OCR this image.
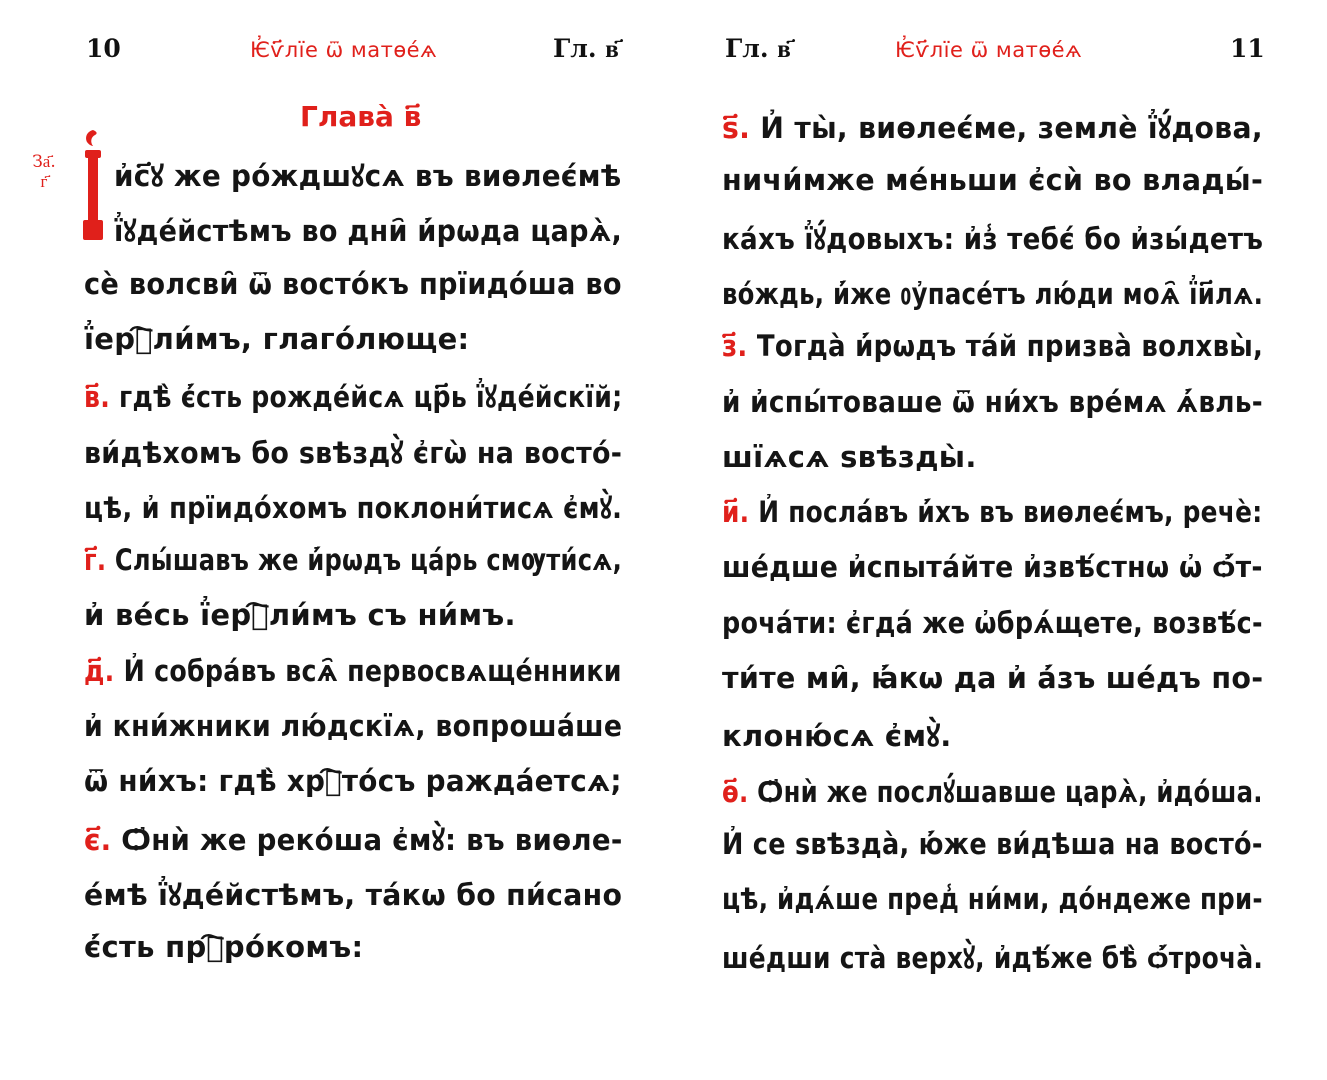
10	Ѥ҆ѵ҃лїе ѿ матөе́ѧ	Гл. в҃
Глава̀ в҃
За҃.
г҃	и҆с҃ꙋ же ро́ждшꙋсѧ въ виөлеє́мѣ
ї҆ꙋде́йстѣмъ во дни҄ и҆́рѡда царѧ̀,
сѐ волсви̑ ѿ восто́къ прїидо́ша во
ї҆ерⷭ҇ли́мъ, глаго́люще:
в҃. гдѣ̀ є҆́сть рожде́йсѧ цр҃ь ї҆ꙋде́йскїй;
ви́дѣхомъ бо ѕвѣздꙋ̀ є҆гѡ̀ на восто́-
цѣ, и҆ прїидо́хомъ поклони́тисѧ є҆мꙋ̀.
г҃. Слы́шавъ же и҆́рѡдъ ца́рь смѹти́сѧ,
и҆ ве́сь ї҆ерⷭ҇ли́мъ съ ни́мъ.
д҃. И҆ собра́въ всѧ҄ первосвѧще́нники
и҆ кни́жники лю́дскїѧ, вопроша́ше
ѿ ни́хъ: гдѣ̀ хрⷭ҇то́съ ражда́етсѧ;
є҃. Ѻ҆нѝ же реко́ша є҆мꙋ̀: въ виөле-
е́мѣ ї҆ꙋде́йстѣмъ, та́кѡ бо пи́сано
є҆́сть прⷪ҇ро́комъ:
Гл. в҃	Ѥ҆ѵ҃лїе ѿ матөе́ѧ	11
ѕ҃. И҆ ты̀, виөлеє́ме, землѐ ї҆ꙋ́дова,
ничи́мже ме́ньши є҆сѝ во влады́-
ка́хъ ї҆ꙋ́довыхъ: и҆з̾ тебє́ бо и҆зы́детъ
во́ждь, и҆́же ᲂу҆пасе́тъ лю́ди моѧ҄ ї҆и҃лѧ.
з҃. Тогда̀ и҆́рѡдъ та́й призва̀ волхвы̀,
и҆ и҆спы́товаше ѿ ни́хъ вре́мѧ ѧ҆́вль-
шїѧсѧ ѕвѣзды̀.
и҃. И҆ посла́въ и҆́хъ въ виөлеє́мъ, речѐ:
ше́дше и҆спыта́йте и҆звѣ́стнѡ ѡ҆ ѻ҆́т-
роча́ти: є҆гда́ же ѡ҆брѧ́щете, возвѣ́с-
ти́те ми̑, ꙗ҆́кѡ да и҆ а҆́зъ ше́дъ по-
клоню́сѧ є҆мꙋ̀.
ѳ҃. Ѻ҆нѝ же послꙋ́шавше царѧ̀, и҆до́ша.
И҆ се ѕвѣзда̀, ю҆́же ви́дѣша на восто́-
цѣ, и҆дѧ́ше пред̾ ни́ми, до́ндеже при-
ше́дши ста̀ верхꙋ̀, и҆дѣ́же бѣ̀ ѻ҆́троча̀.
